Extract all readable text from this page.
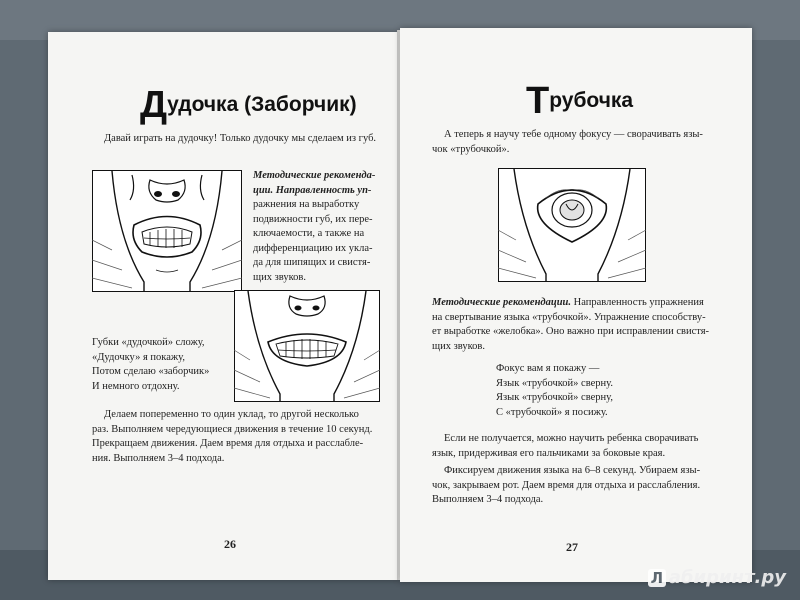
Дудочка (Заборчик)
Давай играть на дудочку! Только дудочку мы сделаем из губ.
Методические рекоменда-
ции. Направленность уп-
ражнения на выработку
подвижности губ, их пере-
ключаемости, а также на
дифференциацию их укла-
да для шипящих и свистя-
щих звуков.
Губки «дудочкой» сложу,
«Дудочку» я покажу,
Потом сделаю «заборчик»
И немного отдохну.
Делаем попеременно то один уклад, то другой несколько
раз. Выполняем чередующиеся движения в течение 10 секунд.
Прекращаем движения. Даем время для отдыха и расслабле-
ния. Выполняем 3–4 подхода.
26
Трубочка
А теперь я научу тебе одному фокусу — сворачивать язы-
чок «трубочкой».
Методические рекомендации. Направленность упражнения
на свертывание языка «трубочкой». Упражнение способству-
ет выработке «желобка». Оно важно при исправлении свистя-
щих звуков.
Фокус вам я покажу —
Язык «трубочкой» сверну.
Язык «трубочкой» сверну,
С «трубочкой» я посижу.
Если не получается, можно научить ребенка сворачивать
язык, придерживая его пальчиками за боковые края.
Фиксируем движения языка на 6–8 секунд. Убираем язы-
чок, закрываем рот. Даем время для отдыха и расслабления.
Выполняем 3–4 подхода.
27
Л абиринт.ру
